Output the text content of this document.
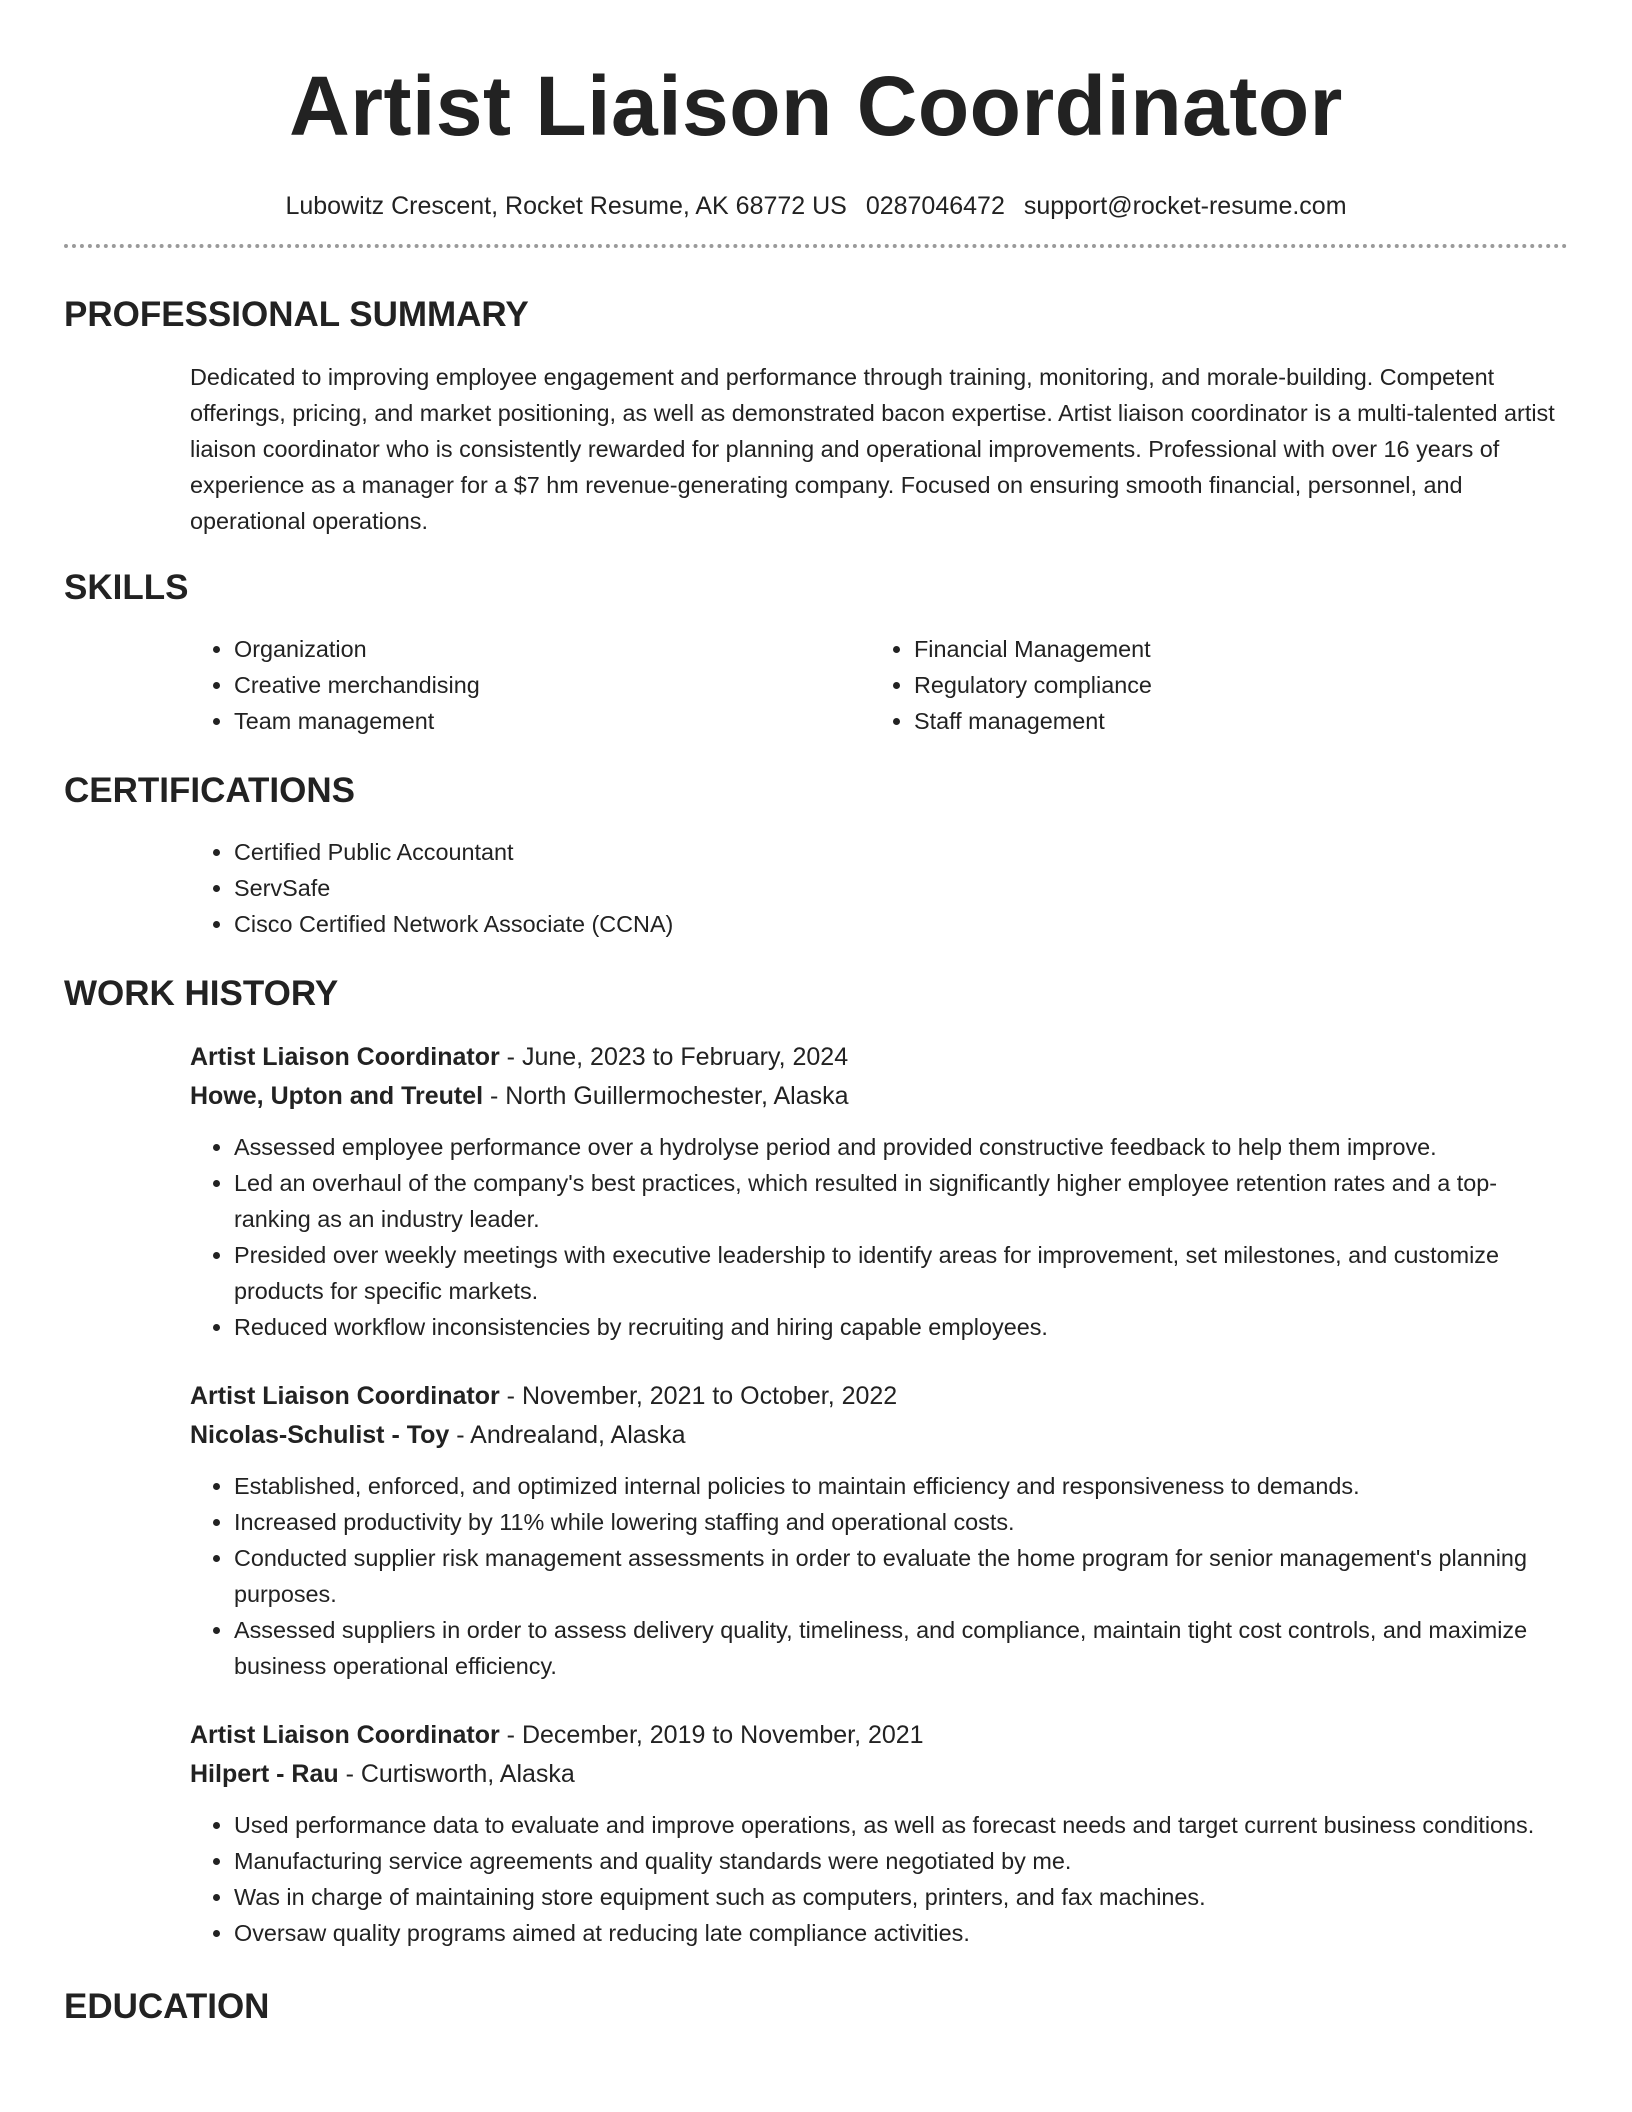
Artist Liaison Coordinator
Lubowitz Crescent, Rocket Resume, AK 68772 US 0287046472 support@rocket-resume.com
PROFESSIONAL SUMMARY

Dedicated to improving employee engagement and performance through training, monitoring, and morale-building. Competent offerings, pricing, and market positioning, as well as demonstrated bacon expertise. Artist liaison coordinator is a multi-talented artist liaison coordinator who is consistently rewarded for planning and operational improvements. Professional with over 16 years of experience as a manager for a $7 hm revenue-generating company. Focused on ensuring smooth financial, personnel, and operational operations.

SKILLS
• Organization
• Creative merchandising
• Team management
• Financial Management
• Regulatory compliance
• Staff management
CERTIFICATIONS
• Certified Public Accountant
• ServSafe
• Cisco Certified Network Associate (CCNA)
WORK HISTORY
Artist Liaison Coordinator - June, 2023 to February, 2024
Howe, Upton and Treutel - North Guillermochester, Alaska
• Assessed employee performance over a hydrolyse period and provided constructive feedback to help them improve.
• Led an overhaul of the company's best practices, which resulted in significantly higher employee retention rates and a top-ranking as an industry leader.
• Presided over weekly meetings with executive leadership to identify areas for improvement, set milestones, and customize products for specific markets.
• Reduced workflow inconsistencies by recruiting and hiring capable employees.
Artist Liaison Coordinator - November, 2021 to October, 2022
Nicolas-Schulist - Toy - Andrealand, Alaska
• Established, enforced, and optimized internal policies to maintain efficiency and responsiveness to demands.
• Increased productivity by 11% while lowering staffing and operational costs.
• Conducted supplier risk management assessments in order to evaluate the home program for senior management's planning purposes.
• Assessed suppliers in order to assess delivery quality, timeliness, and compliance, maintain tight cost controls, and maximize business operational efficiency.
Artist Liaison Coordinator - December, 2019 to November, 2021
Hilpert - Rau - Curtisworth, Alaska
• Used performance data to evaluate and improve operations, as well as forecast needs and target current business conditions.
• Manufacturing service agreements and quality standards were negotiated by me.
• Was in charge of maintaining store equipment such as computers, printers, and fax machines.
• Oversaw quality programs aimed at reducing late compliance activities.
EDUCATION
